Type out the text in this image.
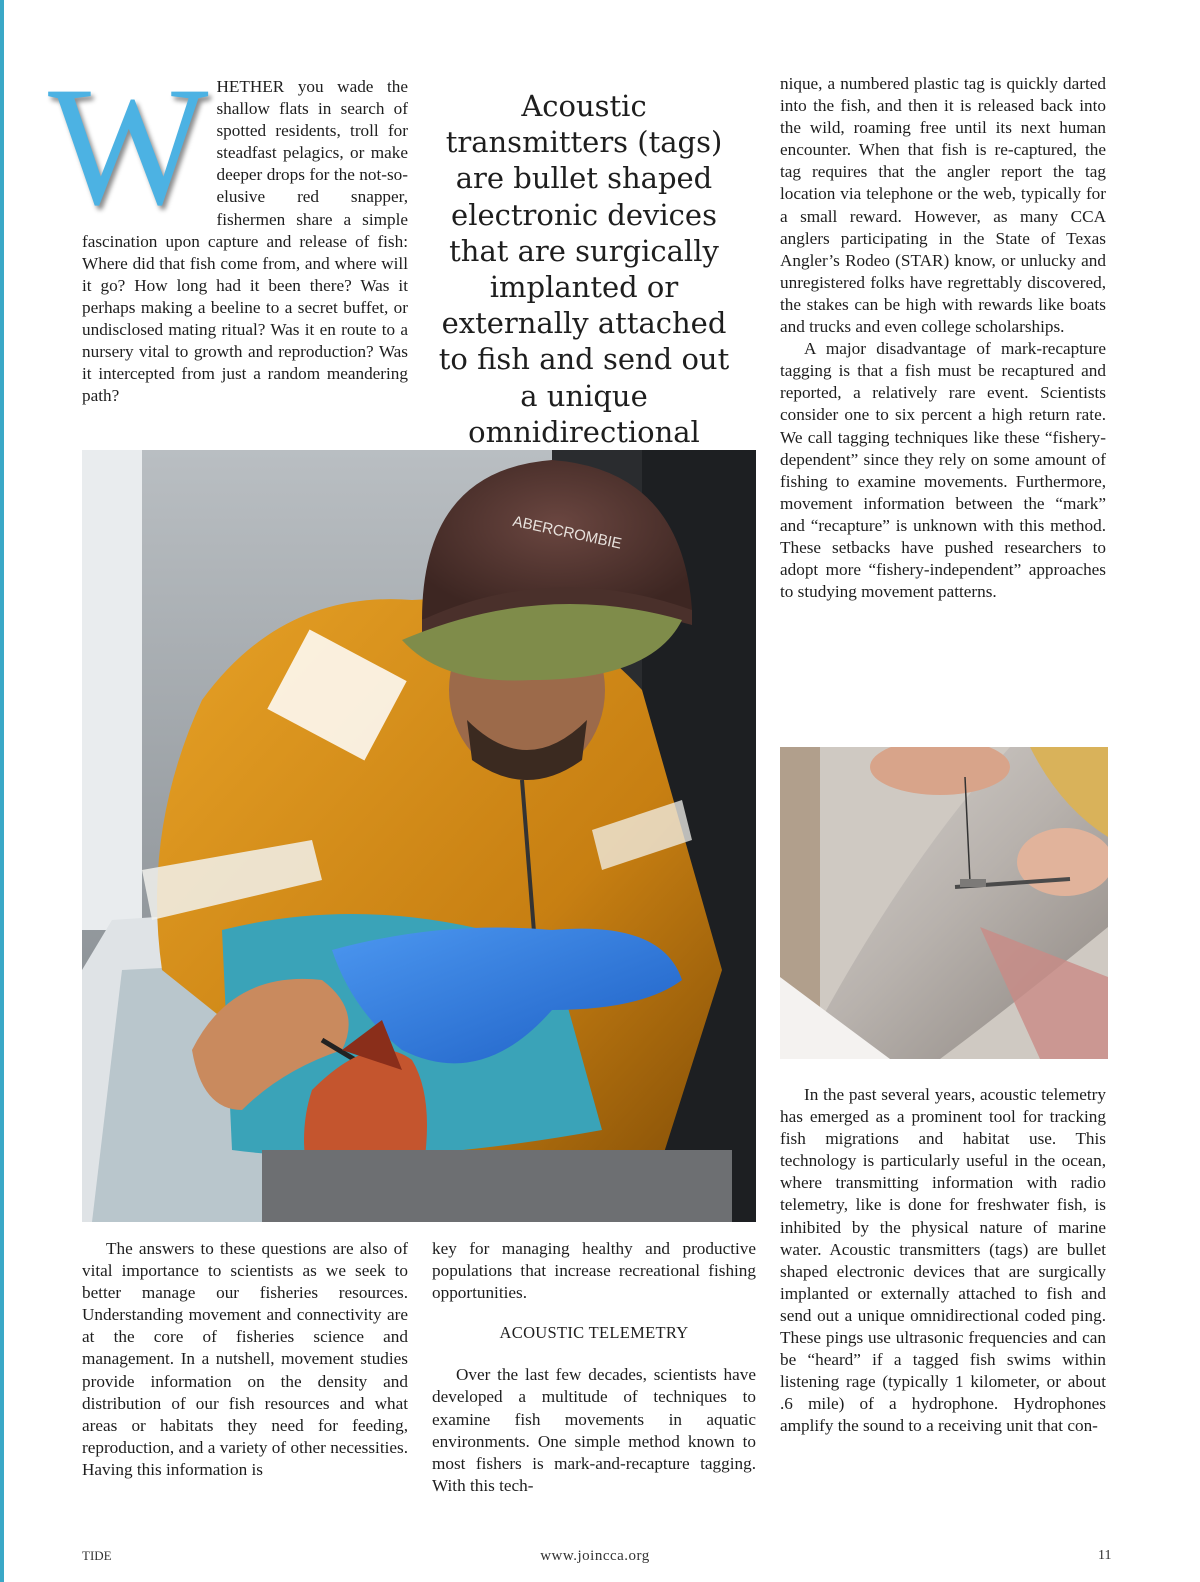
W HETHER you wade the shallow flats in search of spotted residents, troll for steadfast pelagics, or make deeper drops for the not-so-elusive red snapper, fishermen share a simple fascination upon capture and release of fish: Where did that fish come from, and where will it go? How long had it been there? Was it perhaps making a beeline to a secret buffet, or undisclosed mating ritual? Was it en route to a nursery vital to growth and reproduction? Was it intercepted from just a random meandering path?

Acoustic transmitters (tags) are bullet shaped electronic devices that are surgically implanted or externally attached to fish and send out a unique omnidirectional
ABERCROMBIE

The answers to these questions are also of vital importance to scientists as we seek to better manage our fisheries resources. Understanding movement and connectivity are at the core of fisheries science and management. In a nutshell, movement studies provide information on the density and distribution of our fish resources and what areas or habitats they need for feeding, reproduction, and a variety of other necessities. Having this information is

key for managing healthy and productive populations that increase recreational fishing opportunities.

ACOUSTIC TELEMETRY

Over the last few decades, scientists have developed a multitude of techniques to examine fish movements in aquatic environments. One simple method known to most fishers is mark-and-recapture tagging. With this tech-

nique, a numbered plastic tag is quickly darted into the fish, and then it is released back into the wild, roaming free until its next human encounter. When that fish is re-captured, the tag requires that the angler report the tag location via telephone or the web, typically for a small reward. However, as many CCA anglers participating in the State of Texas Angler’s Rodeo (STAR) know, or unlucky and unregistered folks have regrettably discovered, the stakes can be high with rewards like boats and trucks and even college scholarships.

A major disadvantage of mark-recapture tagging is that a fish must be recaptured and reported, a relatively rare event. Scientists consider one to six percent a high return rate. We call tagging techniques like these “fishery-dependent” since they rely on some amount of fishing to examine movements. Furthermore, movement information between the “mark” and “recapture” is unknown with this method. These setbacks have pushed researchers to adopt more “fishery-independent” approaches to studying movement patterns.

In the past several years, acoustic telemetry has emerged as a prominent tool for tracking fish migrations and habitat use. This technology is particularly useful in the ocean, where transmitting information with radio telemetry, like is done for freshwater fish, is inhibited by the physical nature of marine water. Acoustic transmitters (tags) are bullet shaped electronic devices that are surgically implanted or externally attached to fish and send out a unique omnidirectional coded ping. These pings use ultrasonic frequencies and can be “heard” if a tagged fish swims within listening rage (typically 1 kilometer, or about .6 mile) of a hydrophone. Hydrophones amplify the sound to a receiving unit that con-

TIDE	www.joincca.org	11
